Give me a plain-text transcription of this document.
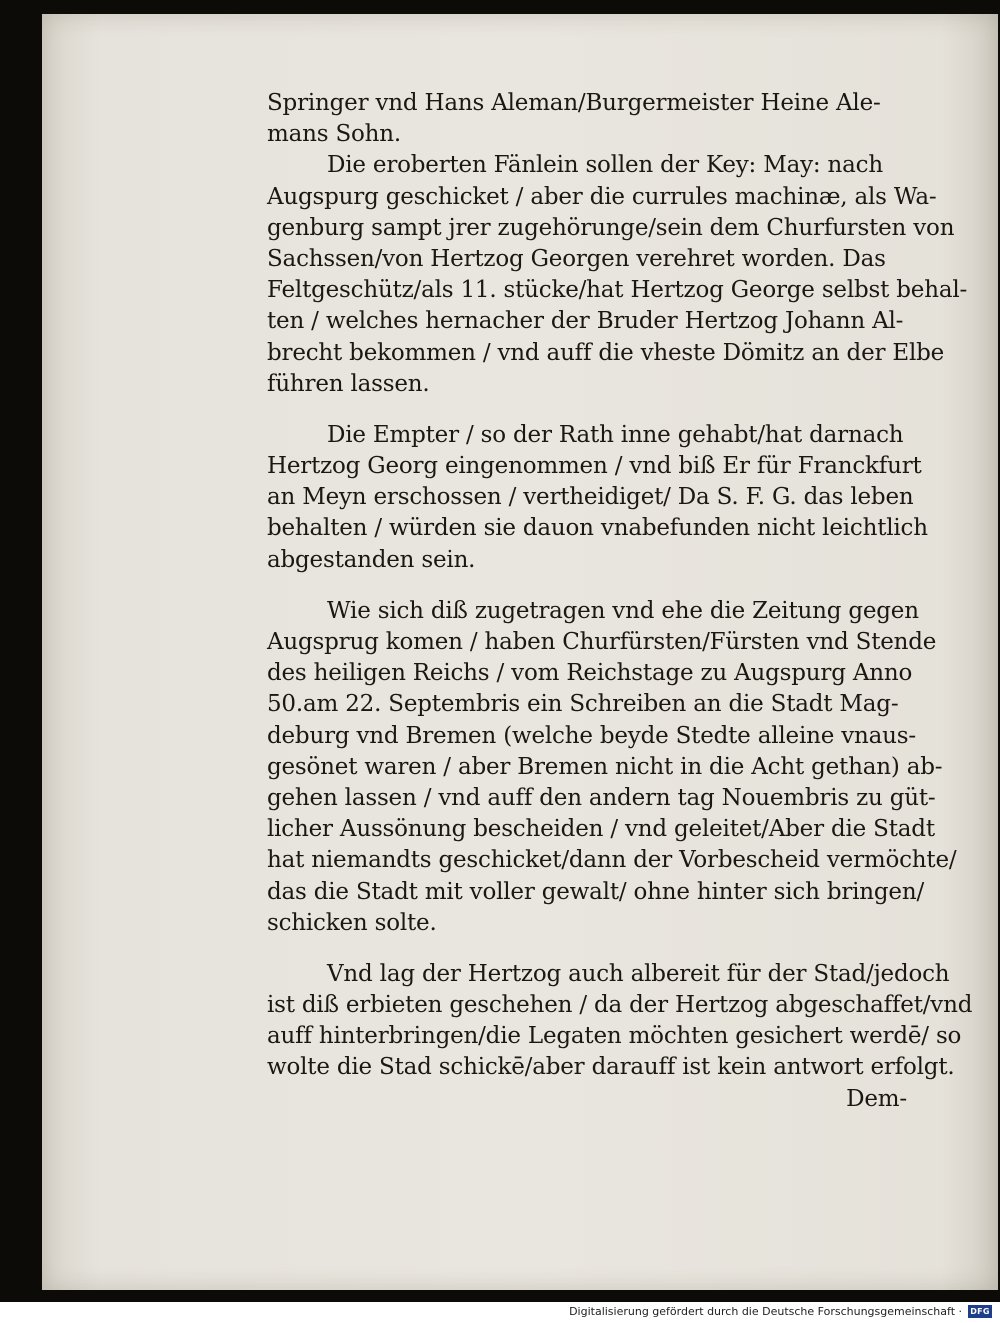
Springer vnd Hans Aleman/Burgermeister Heine Ale-
mans Sohn.
Die eroberten Fänlein sollen der Key: May: nach
Augspurg geschicket / aber die currules machinæ, als Wa-
genburg sampt jrer zugehörunge/sein dem Churfursten von
Sachssen/von Hertzog Georgen verehret worden. Das
Feltgeschütz/als 11. stücke/hat Hertzog George selbst behal-
ten / welches hernacher der Bruder Hertzog Johann Al-
brecht bekommen / vnd auff die vheste Dömitz an der Elbe
führen lassen.
Die Empter / so der Rath inne gehabt/hat darnach
Hertzog Georg eingenommen / vnd biß Er für Franckfurt
an Meyn erschossen / vertheidiget/ Da S. F. G. das leben
behalten / würden sie dauon vnabefunden nicht leichtlich
abgestanden sein.
Wie sich diß zugetragen vnd ehe die Zeitung gegen
Augsprug komen / haben Churfürsten/Fürsten vnd Stende
des heiligen Reichs / vom Reichstage zu Augspurg Anno
50.am 22. Septembris ein Schreiben an die Stadt Mag-
deburg vnd Bremen (welche beyde Stedte alleine vnaus-
gesönet waren / aber Bremen nicht in die Acht gethan) ab-
gehen lassen / vnd auff den andern tag Nouembris zu güt-
licher Aussönung bescheiden / vnd geleitet/Aber die Stadt
hat niemandts geschicket/dann der Vorbescheid vermöchte/
das die Stadt mit voller gewalt/ ohne hinter sich bringen/
schicken solte.
Vnd lag der Hertzog auch albereit für der Stad/jedoch
ist diß erbieten geschehen / da der Hertzog abgeschaffet/vnd
auff hinterbringen/die Legaten möchten gesichert werdē/ so
wolte die Stad schickē/aber darauff ist kein antwort erfolgt.
Dem-
Digitalisierung gefördert durch die Deutsche Forschungsgemeinschaft · DFG
